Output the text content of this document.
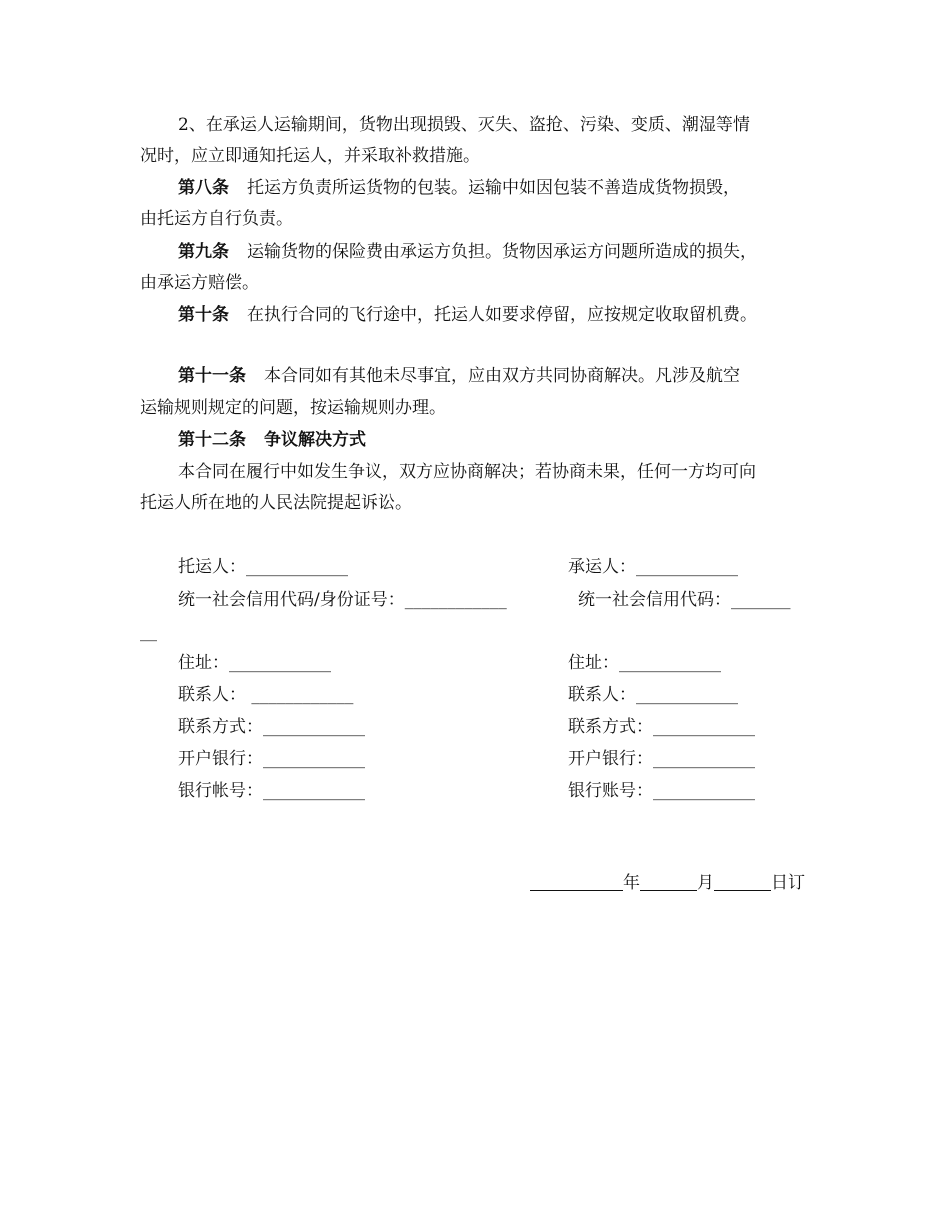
2、在承运人运输期间，货物出现损毁、灭失、盗抢、污染、变质、潮湿等情
况时，应立即通知托运人，并采取补救措施。
第八条 托运方负责所运货物的包装。运输中如因包装不善造成货物损毁，
由托运方自行负责。
第九条 运输货物的保险费由承运方负担。货物因承运方问题所造成的损失，
由承运方赔偿。
第十条 在执行合同的飞行途中，托运人如要求停留，应按规定收取留机费。
第十一条 本合同如有其他未尽事宜，应由双方共同协商解决。凡涉及航空
运输规则规定的问题，按运输规则办理。
第十二条 争议解决方式
本合同在履行中如发生争议，双方应协商解决；若协商未果，任何一方均可向
托运人所在地的人民法院提起诉讼。
托运人：____________
统一社会信用代码/身份证号：____________
住址：____________
联系人： ____________
联系方式：____________
开户银行：____________
银行帐号：____________
承运人：____________
统一社会信用代码：_______
__
住址：____________
联系人：____________
联系方式：____________
开户银行：____________
银行账号：____________
年	月	日订
